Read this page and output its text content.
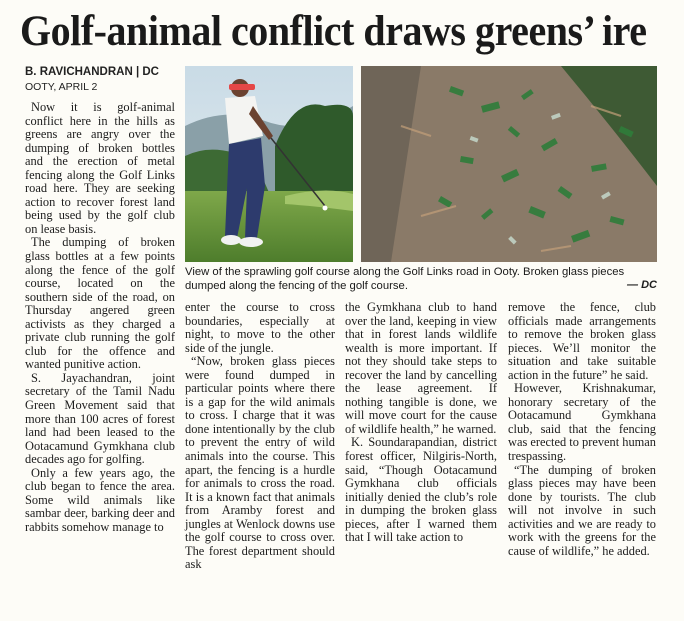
Golf-animal conflict draws greens’ ire
B. RAVICHANDRAN | DC
OOTY, APRIL 2

Now it is golf-animal conflict here in the hills as greens are angry over the dumping of broken bottles and the erection of metal fencing along the Golf Links road here. They are seeking action to recover forest land being used by the golf club on lease basis.

The dumping of broken glass bottles at a few points along the fence of the golf course, located on the southern side of the road, on Thursday angered green activists as they charged a private club running the golf club for the offence and wanted punitive action.

S. Jayachandran, joint secretary of the Tamil Nadu Green Movement said that more than 100 acres of forest land had been leased to the Ootacamund Gymkhana club decades ago for golfing.

Only a few years ago, the club began to fence the area. Some wild animals like sambar deer, barking deer and rabbits somehow manage to

View of the sprawling golf course along the Golf Links road in Ooty. Broken glass pieces dumped along the fencing of the golf course.	— DC

enter the course to cross boundaries, especially at night, to move to the other side of the jungle.

“Now, broken glass pieces were found dumped in particular points where there is a gap for the wild animals to cross. I charge that it was done intentionally by the club to prevent the entry of wild animals into the course. This apart, the fencing is a hurdle for animals to cross the road. It is a known fact that animals from Aramby forest and jungles at Wenlock downs use the golf course to cross over. The forest department should ask

the Gymkhana club to hand over the land, keeping in view that in forest lands wildlife wealth is more important. If not they should take steps to recover the land by cancelling the lease agreement. If nothing tangible is done, we will move court for the cause of wildlife health,” he warned.

K. Soundarapandian, district forest officer, Nilgiris-North, said, “Though Ootacamund Gymkhana club officials initially denied the club’s role in dumping the broken glass pieces, after I warned them that I will take action to

remove the fence, club officials made arrangements to remove the broken glass pieces. We’ll monitor the situation and take suitable action in the future” he said.

However, Krishnakumar, honorary secretary of the Ootacamund Gymkhana club, said that the fencing was erected to prevent human trespassing.

“The dumping of broken glass pieces may have been done by tourists. The club will not involve in such activities and we are ready to work with the greens for the cause of wildlife,” he added.
